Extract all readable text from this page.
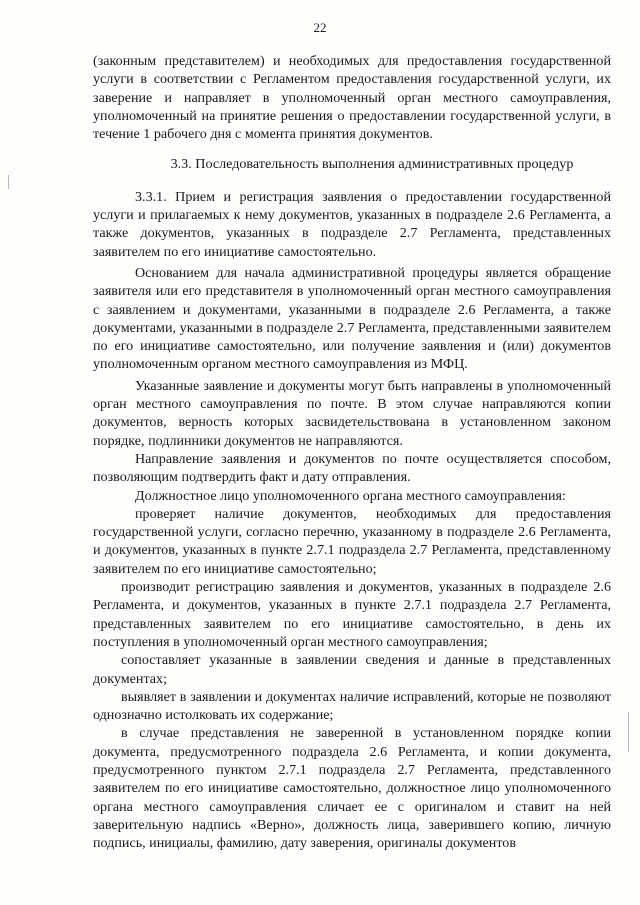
22

(законным представителем) и необходимых для предоставления государственной услуги в соответствии с Регламентом предоставления государственной услуги, их заверение и направляет в уполномоченный орган местного самоуправления, уполномоченный на принятие решения о предоставлении государственной услуги, в течение 1 рабочего дня с момента принятия документов.

3.3. Последовательность выполнения административных процедур

3.3.1. Прием и регистрация заявления о предоставлении государственной услуги и прилагаемых к нему документов, указанных в подразделе 2.6 Регламента, а также документов, указанных в подразделе 2.7 Регламента, представленных заявителем по его инициативе самостоятельно.

Основанием для начала административной процедуры является обращение заявителя или его представителя в уполномоченный орган местного самоуправления с заявлением и документами, указанными в подразделе 2.6 Регламента, а также документами, указанными в подразделе 2.7 Регламента, представленными заявителем по его инициативе самостоятельно, или получение заявления и (или) документов уполномоченным органом местного самоуправления из МФЦ.

Указанные заявление и документы могут быть направлены в уполномоченный орган местного самоуправления по почте. В этом случае направляются копии документов, верность которых засвидетельствована в установленном законом порядке, подлинники документов не направляются.

Направление заявления и документов по почте осуществляется способом, позволяющим подтвердить факт и дату отправления.

Должностное лицо уполномоченного органа местного самоуправления:

проверяет наличие документов, необходимых для предоставления государственной услуги, согласно перечню, указанному в подразделе 2.6 Регламента, и документов, указанных в пункте 2.7.1 подраздела 2.7 Регламента, представленному заявителем по его инициативе самостоятельно;

производит регистрацию заявления и документов, указанных в подразделе 2.6 Регламента, и документов, указанных в пункте 2.7.1 подраздела 2.7 Регламента, представленных заявителем по его инициативе самостоятельно, в день их поступления в уполномоченный орган местного самоуправления;

сопоставляет указанные в заявлении сведения и данные в представленных документах;

выявляет в заявлении и документах наличие исправлений, которые не позволяют однозначно истолковать их содержание;

в случае представления не заверенной в установленном порядке копии документа, предусмотренного подраздела 2.6 Регламента, и копии документа, предусмотренного пунктом 2.7.1 подраздела 2.7 Регламента, представленного заявителем по его инициативе самостоятельно, должностное лицо уполномоченного органа местного самоуправления сличает ее с оригиналом и ставит на ней заверительную надпись «Верно», должность лица, заверившего копию, личную подпись, инициалы, фамилию, дату заверения, оригиналы документов
